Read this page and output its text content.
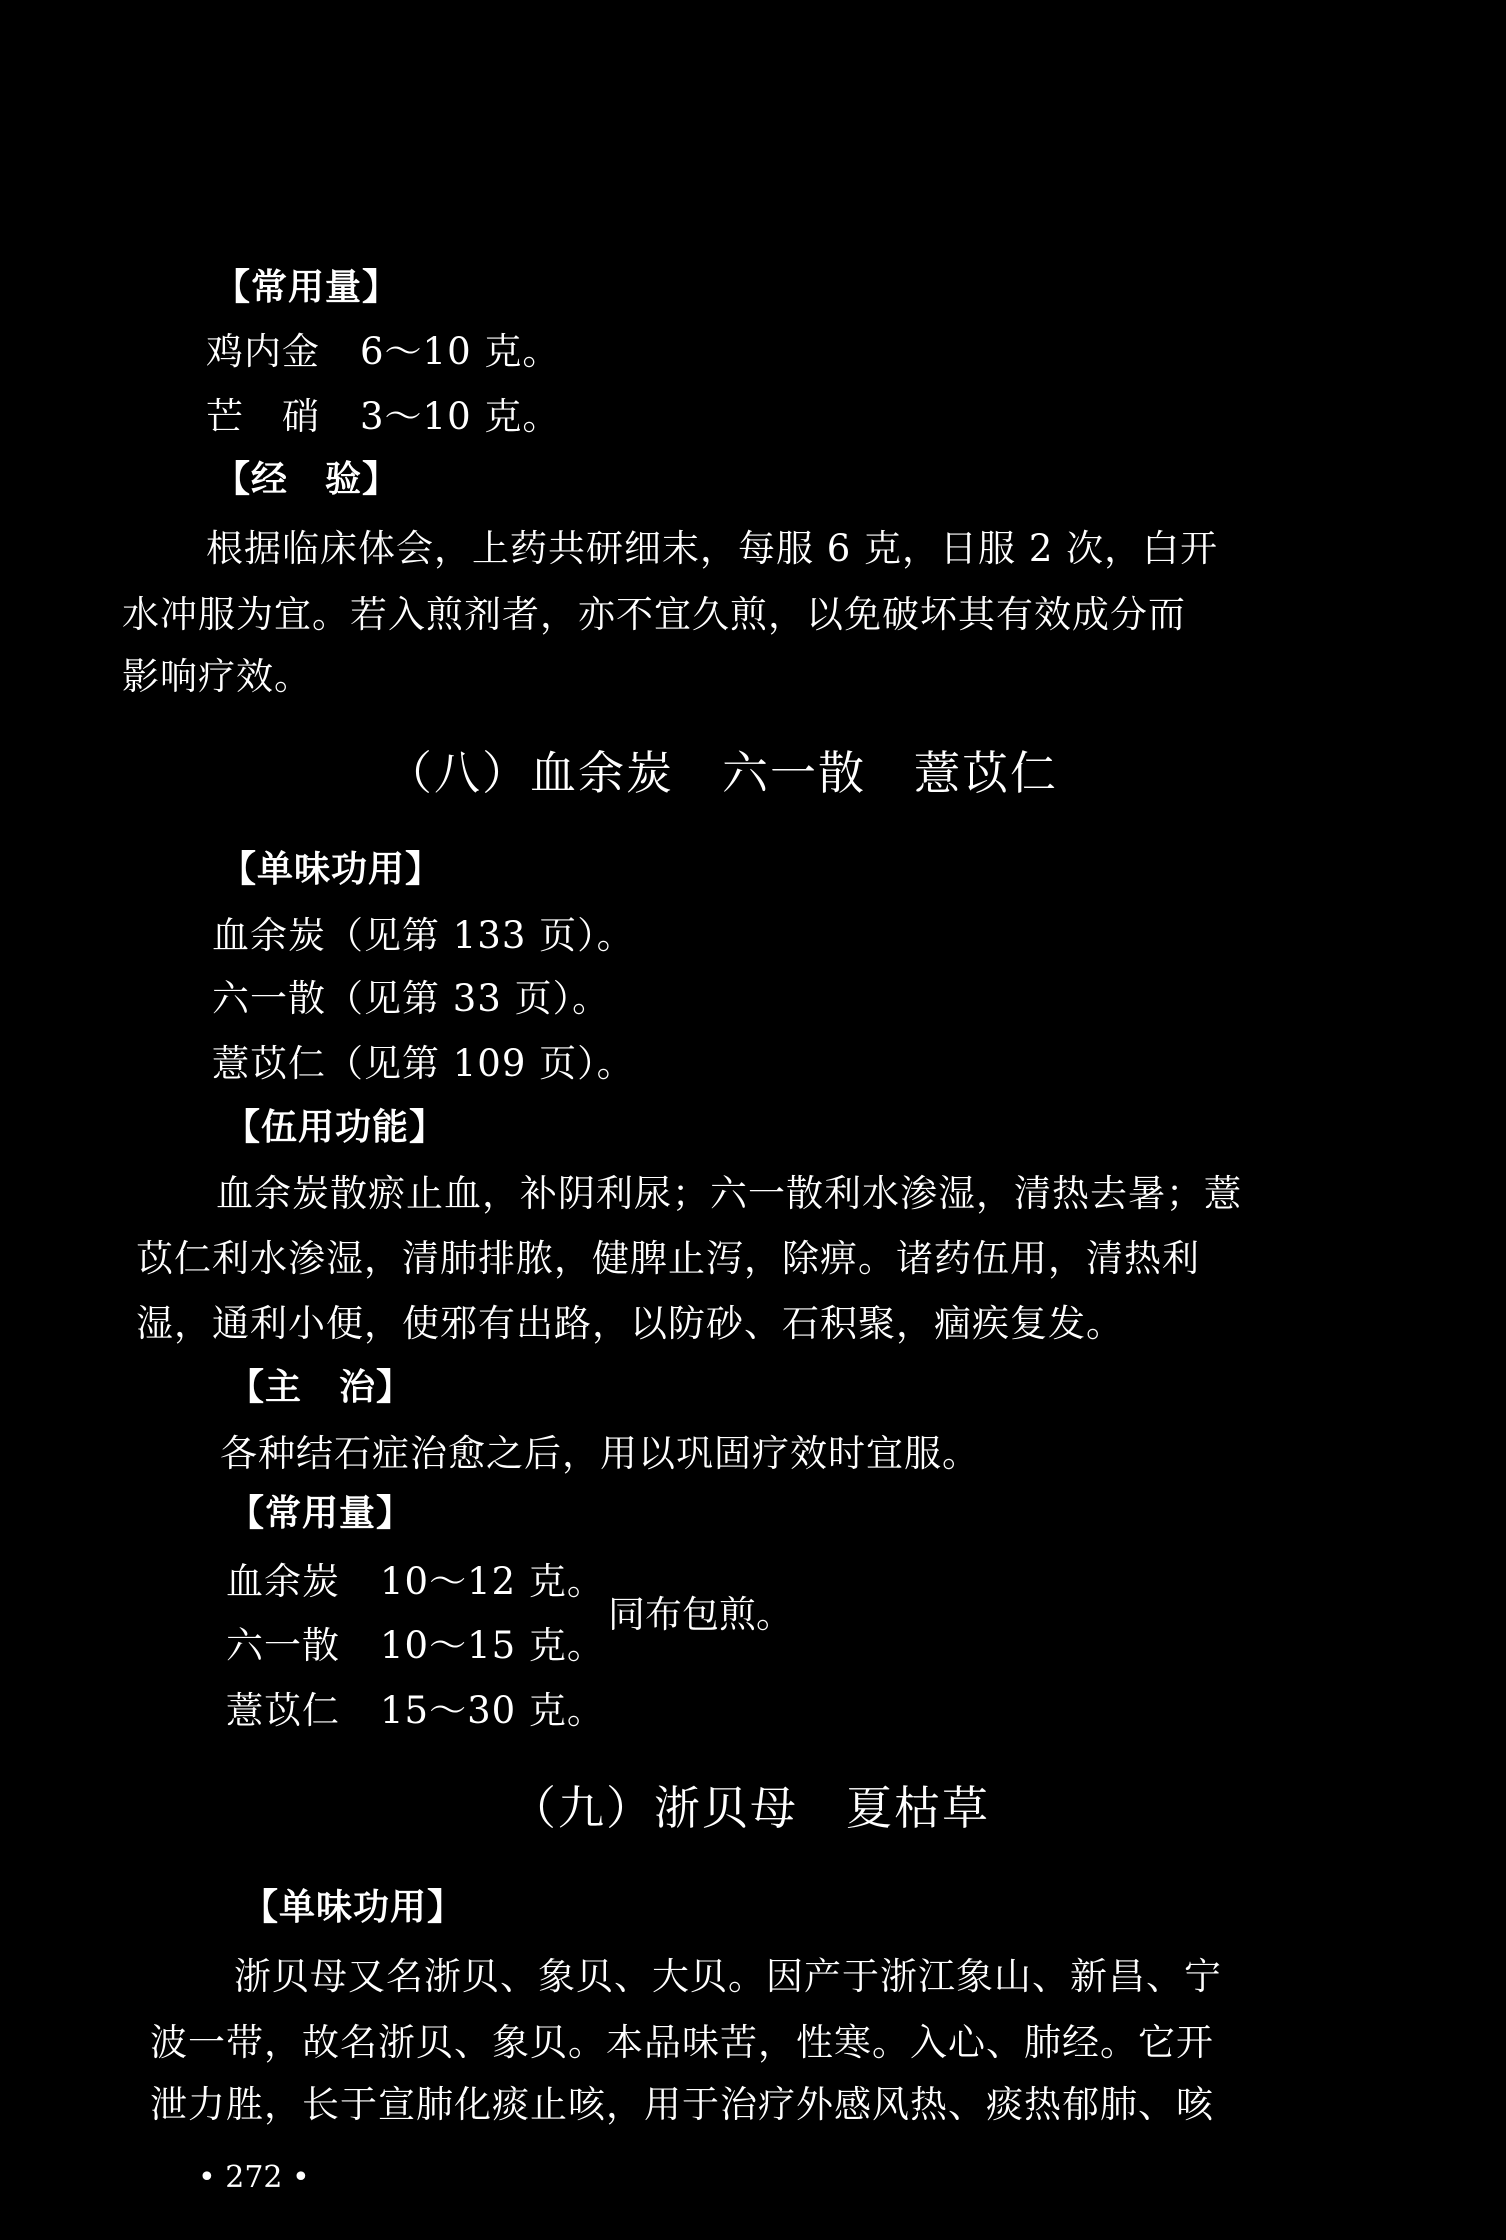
【常用量】
鸡内金 6～10 克。
芒　硝 3～10 克。
【经　验】
根据临床体会，上药共研细末，每服 6 克，日服 2 次，白开
水冲服为宜。若入煎剂者，亦不宜久煎，以免破坏其有效成分而
影响疗效。
（八）血余炭　六一散　薏苡仁
【单味功用】
血余炭（见第 133 页）。
六一散（见第 33 页）。
薏苡仁（见第 109 页）。
【伍用功能】
血余炭散瘀止血，补阴利尿；六一散利水渗湿，清热去暑；薏
苡仁利水渗湿，清肺排脓，健脾止泻，除痹。诸药伍用，清热利
湿，通利小便，使邪有出路，以防砂、石积聚，痼疾复发。
【主　治】
各种结石症治愈之后，用以巩固疗效时宜服。
【常用量】
血余炭 10～12 克。
六一散 10～15 克。
薏苡仁 15～30 克。
同布包煎。
（九）浙贝母　夏枯草
【单味功用】
浙贝母又名浙贝、象贝、大贝。因产于浙江象山、新昌、宁
波一带，故名浙贝、象贝。本品味苦，性寒。入心、肺经。它开
泄力胜，长于宣肺化痰止咳，用于治疗外感风热、痰热郁肺、咳
• 272 •
